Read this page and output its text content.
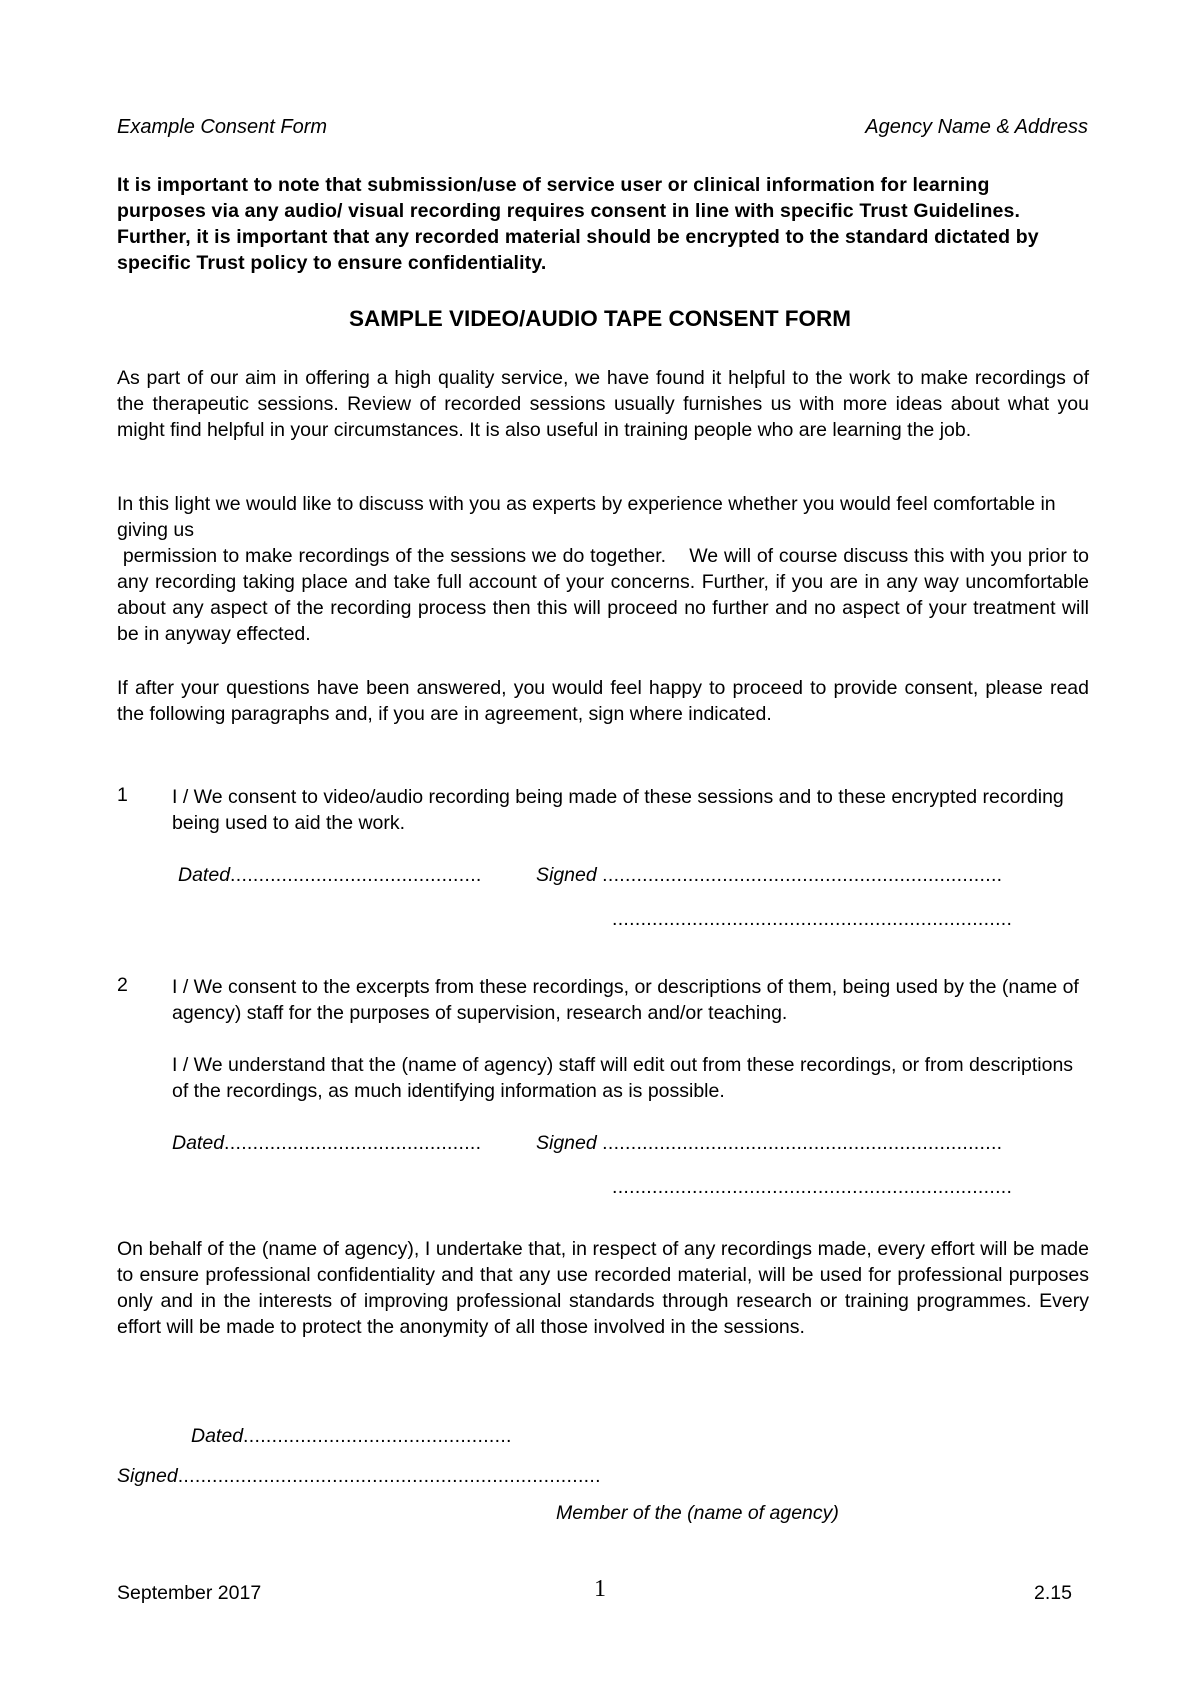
Example Consent Form	Agency Name & Address
It is important to note that submission/use of service user or clinical information for learning purposes via any audio/ visual recording requires consent in line with specific Trust Guidelines. Further, it is important that any recorded material should be encrypted to the standard dictated by specific Trust policy to ensure confidentiality.
SAMPLE VIDEO/AUDIO TAPE CONSENT FORM
As part of our aim in offering a high quality service, we have found it helpful to the work to make recordings of the therapeutic sessions. Review of recorded sessions usually furnishes us with more ideas about what you might find helpful in your circumstances. It is also useful in training people who are learning the job.
In this light we would like to discuss with you as experts by experience whether you would feel comfortable in giving us
permission to make recordings of the sessions we do together.    We will of course discuss this with you prior to any recording taking place and take full account of your concerns. Further, if you are in any way uncomfortable about any aspect of the recording process then this will proceed no further and no aspect of your treatment will be in anyway effected.
If after your questions have been answered, you would feel happy to proceed to provide consent, please read the following paragraphs and, if you are in agreement, sign where indicated.
1 I / We consent to video/audio recording being made of these sessions and to these encrypted recording being used to aid the work.
Dated............................................	Signed ......................................................................
......................................................................
2 I / We consent to the excerpts from these recordings, or descriptions of them, being used by the (name of agency) staff for the purposes of supervision, research and/or teaching.
I / We understand that the (name of agency) staff will edit out from these recordings, or from descriptions of the recordings, as much identifying information as is possible.
Dated.............................................	Signed ......................................................................
......................................................................
On behalf of the (name of agency), I undertake that, in respect of any recordings made, every effort will be made to ensure professional confidentiality and that any use recorded material, will be used for professional purposes only and in the interests of improving professional standards through research or training programmes. Every effort will be made to protect the anonymity of all those involved in the sessions.
Dated...............................................
Signed..........................................................................
Member of the (name of agency)
September 2017	1	2.15
